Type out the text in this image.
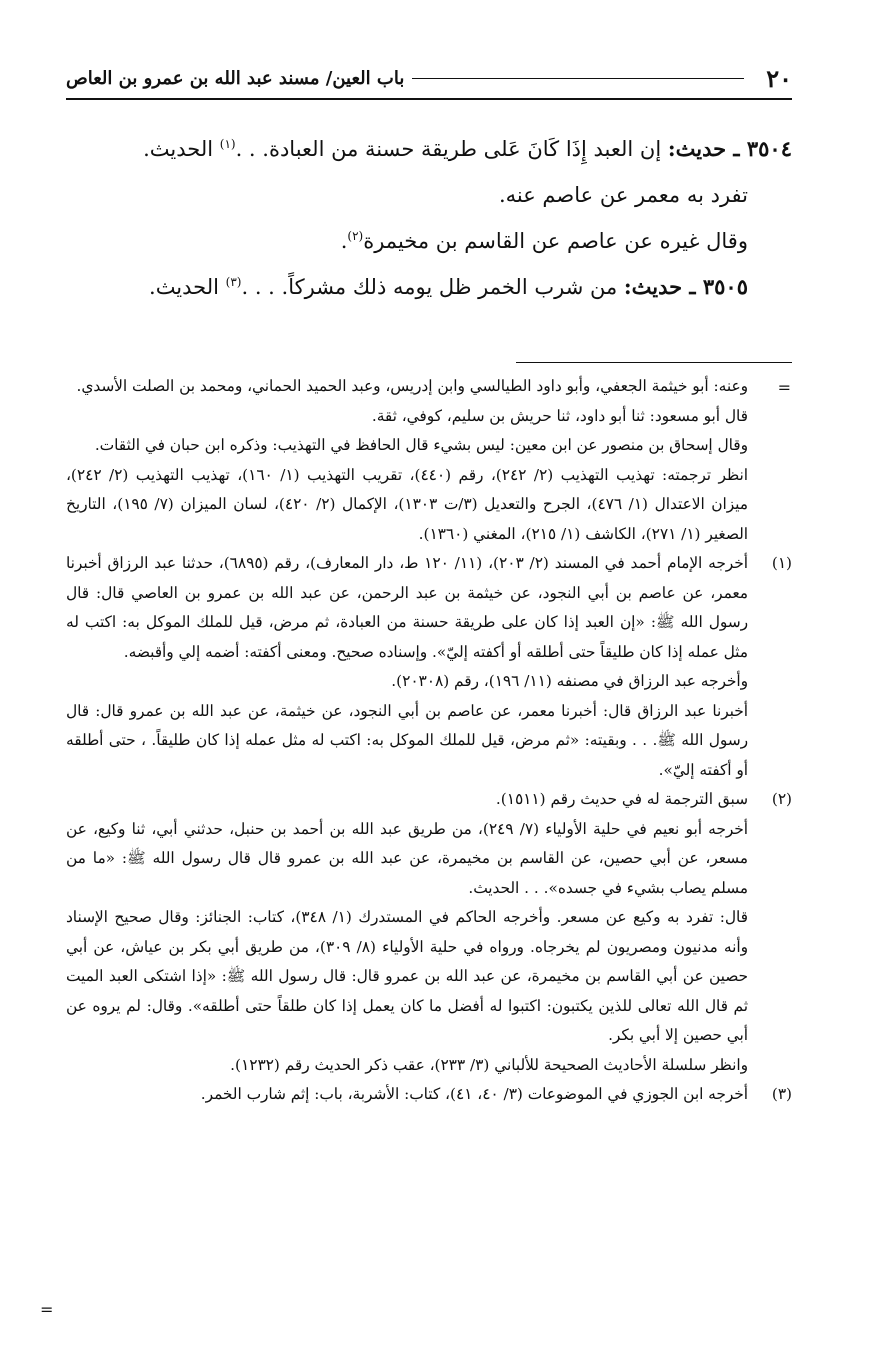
٢٠
باب العين/ مسند عبد الله بن عمرو بن العاص

٣٥٠٤ ـ حديث: إن العبد إِذَا كَانَ عَلى طريقة حسنة من العبادة. . .$^{(١)}$ الحديث.

تفرد به معمر عن عاصم عنه.

وقال غيره عن عاصم عن القاسم بن مخيمرة$^{(٢)}$.

٣٥٠٥ ـ حديث: من شرب الخمر ظل يومه ذلك مشركاً. . . .$^{(٣)}$ الحديث.

=

وعنه: أبو خيثمة الجعفي، وأبو داود الطيالسي وابن إدريس، وعبد الحميد الحماني، ومحمد بن الصلت الأسدي.

قال أبو مسعود: ثنا أبو داود، ثنا حريش بن سليم، كوفي، ثقة.

وقال إسحاق بن منصور عن ابن معين: ليس بشيء قال الحافظ في التهذيب: وذكره ابن حبان في الثقات.

انظر ترجمته: تهذيب التهذيب (٢/ ٢٤٢)، رقم (٤٤٠)، تقريب التهذيب (١/ ١٦٠)، تهذيب التهذيب (٢/ ٢٤٢)، ميزان الاعتدال (١/ ٤٧٦)، الجرح والتعديل (٣/ت ١٣٠٣)، الإكمال (٢/ ٤٢٠)، لسان الميزان (٧/ ١٩٥)، التاريخ الصغير (١/ ٢٧١)، الكاشف (١/ ٢١٥)، المغني (١٣٦٠).

(١)

أخرجه الإمام أحمد في المسند (٢/ ٢٠٣)، (١١/ ١٢٠ ط، دار المعارف)، رقم (٦٨٩٥)، حدثنا عبد الرزاق أخبرنا معمر، عن عاصم بن أبي النجود، عن خيثمة بن عبد الرحمن، عن عبد الله بن عمرو بن العاصي قال: قال رسول الله ﷺ: «إن العبد إذا كان على طريقة حسنة من العبادة، ثم مرض، قيل للملك الموكل به: اكتب له مثل عمله إذا كان طليقاً حتى أطلقه أو أكفته إليّ». وإسناده صحيح. ومعنى أكفته: أضمه إلي وأقبضه.

وأخرجه عبد الرزاق في مصنفه (١١/ ١٩٦)، رقم (٢٠٣٠٨).

أخبرنا عبد الرزاق قال: أخبرنا معمر، عن عاصم بن أبي النجود، عن خيثمة، عن عبد الله بن عمرو قال: قال رسول الله ﷺ. . . وبقيته: «ثم مرض، قيل للملك الموكل به: اكتب له مثل عمله إذا كان طليقاً. ، حتى أطلقه أو أكفته إليّ».

(٢)

سبق الترجمة له في حديث رقم (١٥١١).

أخرجه أبو نعيم في حلية الأولياء (٧/ ٢٤٩)، من طريق عبد الله بن أحمد بن حنبل، حدثني أبي، ثنا وكيع، عن مسعر، عن أبي حصين، عن القاسم بن مخيمرة، عن عبد الله بن عمرو قال قال رسول الله ﷺ: «ما من مسلم يصاب بشيء في جسده». . . الحديث.

قال: تفرد به وكيع عن مسعر. وأخرجه الحاكم في المستدرك (١/ ٣٤٨)، كتاب: الجنائز: وقال صحيح الإسناد وأنه مدنيون ومصريون لم يخرجاه. ورواه في حلية الأولياء (٨/ ٣٠٩)، من طريق أبي بكر بن عياش، عن أبي حصين عن أبي القاسم بن مخيمرة، عن عبد الله بن عمرو قال: قال رسول الله ﷺ: «إذا اشتكى العبد الميت ثم قال الله تعالى للذين يكتبون: اكتبوا له أفضل ما كان يعمل إذا كان طلقاً حتى أطلقه». وقال: لم يروه عن أبي حصين إلا أبي بكر.

وانظر سلسلة الأحاديث الصحيحة للألباني (٣/ ٢٣٣)، عقب ذكر الحديث رقم (١٢٣٢).

(٣)

أخرجه ابن الجوزي في الموضوعات (٣/ ٤٠، ٤١)، كتاب: الأشربة، باب: إثم شارب الخمر.

=
